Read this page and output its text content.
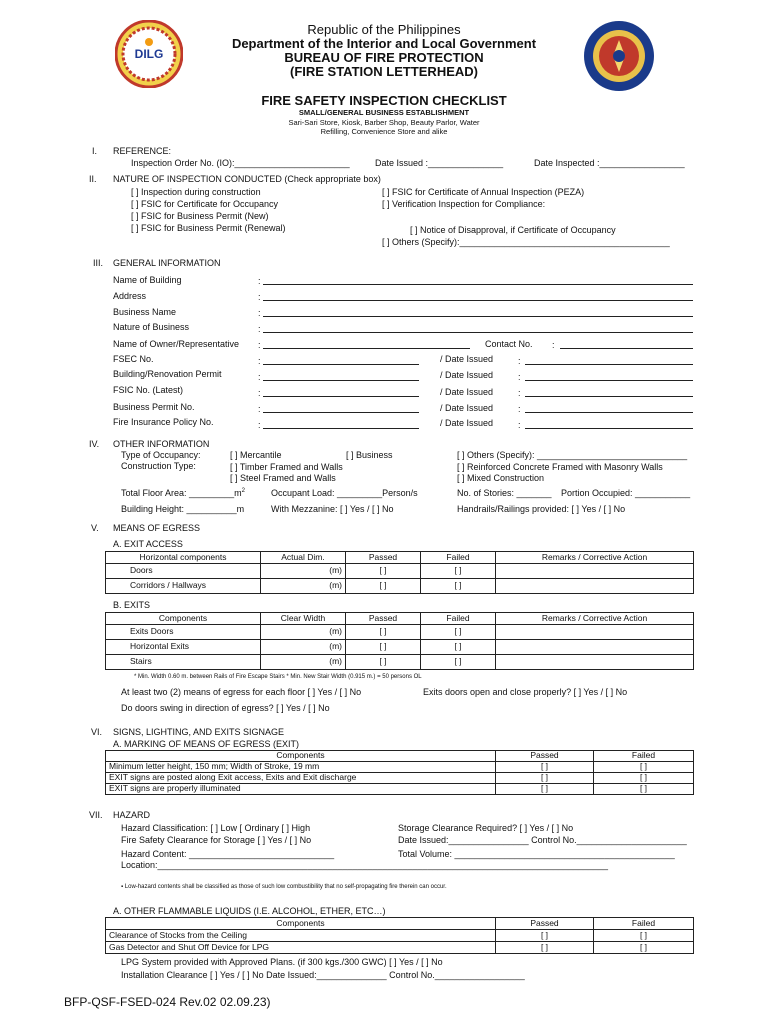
DILG
Republic of the Philippines
Department of the Interior and Local Government
BUREAU OF FIRE PROTECTION
(FIRE STATION LETTERHEAD)
FIRE SAFETY INSPECTION CHECKLIST
SMALL/GENERAL BUSINESS ESTABLISHMENT
Sari-Sari Store, Kiosk, Barber Shop, Beauty Parlor, Water
Refilling, Convenience Store and alike
I. REFERENCE:
Inspection Order No. (IO):_______________________	Date Issued :_______________	Date Inspected :_________________
II. NATURE OF INSPECTION CONDUCTED (Check appropriate box)
[ ] Inspection during construction
[ ] FSIC for Certificate for Occupancy
[ ] FSIC for Business Permit (New)
[ ] FSIC for Business Permit (Renewal)
[ ] FSIC for Certificate of Annual Inspection (PEZA)
[ ] Verification Inspection for Compliance:
[ ] Notice of Disapproval, if Certificate of Occupancy
[ ] Others (Specify):__________________________________________
III. GENERAL INFORMATION
Name of Building	:
Address	:
Business Name	:
Nature of Business	:
Name of Owner/Representative :	Contact No. :
FSEC No.	:	/ Date Issued	:
Building/Renovation Permit	:	/ Date Issued	:
FSIC No. (Latest)	:	/ Date Issued	:
Business Permit No.	:	/ Date Issued	:
Fire Insurance Policy No.	:	/ Date Issued	:
IV. OTHER INFORMATION
Type of Occupancy:	[ ] Mercantile	[ ] Business	[ ] Others (Specify): ______________________________
Construction Type:	[ ] Timber Framed and Walls
[ ] Steel Framed and Walls
[ ] Reinforced Concrete Framed with Masonry Walls
[ ] Mixed Construction
Total Floor Area: $\_\_\_\_\_\_\_\_\_m^2$	Occupant Load: _________Person/s	No. of Stories: _______ Portion Occupied: ___________
Building Height: __________m	With Mezzanine: [ ] Yes / [ ] No	Handrails/Railings provided: [ ] Yes / [ ] No
V. MEANS OF EGRESS
A. EXIT ACCESS
Horizontal components	Actual Dim.	Passed	Failed	Remarks / Corrective Action
Doors	(m)	[ ]	[ ]	
Corridors / Hallways	(m)	[ ]	[ ]	
B. EXITS
Components	Clear Width	Passed	Failed	Remarks / Corrective Action
Exits Doors	(m)	[ ]	[ ]	
Horizontal Exits	(m)	[ ]	[ ]	
Stairs	(m)	[ ]	[ ]	
* Min. Width 0.60 m. between Rails of Fire Escape Stairs * Min. New Stair Width (0.915 m.) = 50 persons OL
At least two (2) means of egress for each floor [ ] Yes / [ ] No	Exits doors open and close properly? [ ] Yes / [ ] No
Do doors swing in direction of egress? [ ] Yes / [ ] No
VI. SIGNS, LIGHTING, AND EXITS SIGNAGE
A. MARKING OF MEANS OF EGRESS (EXIT)
Components	Passed	Failed
Minimum letter height, 150 mm; Width of Stroke, 19 mm	[ ]	[ ]
EXIT signs are posted along Exit access, Exits and Exit discharge	[ ]	[ ]
EXIT signs are properly illuminated	[ ]	[ ]
VII. HAZARD
Hazard Classification: [ ] Low [ Ordinary [ ] High	Storage Clearance Required? [ ] Yes / [ ] No
Fire Safety Clearance for Storage [ ] Yes / [ ] No	Date Issued:________________ Control No.______________________
Hazard Content: _____________________________	Total Volume: ____________________________________________
Location:__________________________________________________________________________________________
▪ Low-hazard contents shall be classified as those of such low combustibility that no self-propagating fire therein can occur.
A. OTHER FLAMMABLE LIQUIDS (I.E. ALCOHOL, ETHER, ETC…)
Components	Passed	Failed
Clearance of Stocks from the Ceiling	[ ]	[ ]
Gas Detector and Shut Off Device for LPG	[ ]	[ ]
LPG System provided with Approved Plans. (if 300 kgs./300 GWC) [ ] Yes / [ ] No
Installation Clearance [ ] Yes / [ ] No Date Issued:______________ Control No.__________________
BFP-QSF-FSED-024 Rev.02 02.09.23)
